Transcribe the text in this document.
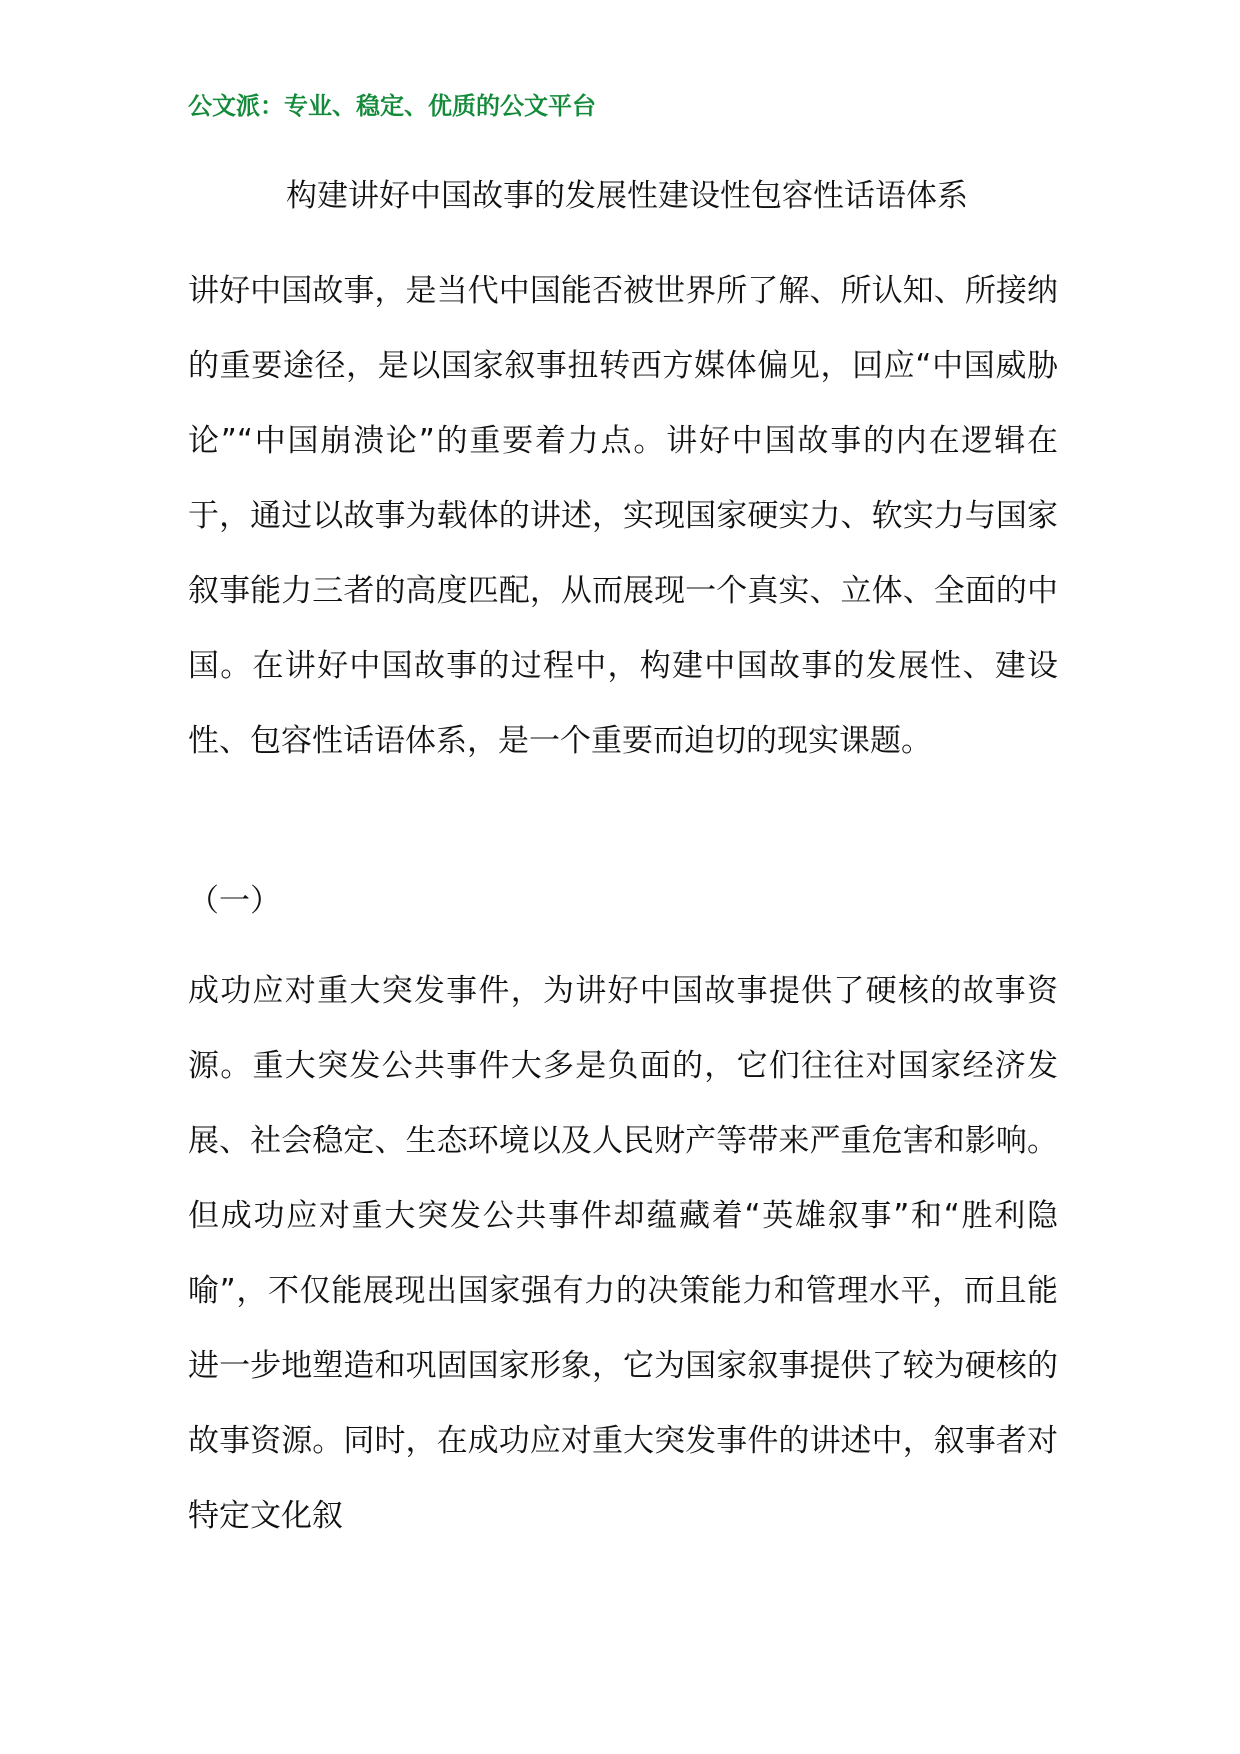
公文派：专业、稳定、优质的公文平台
构建讲好中国故事的发展性建设性包容性话语体系

讲好中国故事，是当代中国能否被世界所了解、所认知、所接纳的重要途径，是以国家叙事扭转西方媒体偏见，回应“中国威胁论”“中国崩溃论”的重要着力点。讲好中国故事的内在逻辑在于，通过以故事为载体的讲述，实现国家硬实力、软实力与国家叙事能力三者的高度匹配，从而展现一个真实、立体、全面的中国。在讲好中国故事的过程中，构建中国故事的发展性、建设性、包容性话语体系，是一个重要而迫切的现实课题。

（一）

成功应对重大突发事件，为讲好中国故事提供了硬核的故事资源。重大突发公共事件大多是负面的，它们往往对国家经济发展、社会稳定、生态环境以及人民财产等带来严重危害和影响。但成功应对重大突发公共事件却蕴藏着“英雄叙事”和“胜利隐喻”，不仅能展现出国家强有力的决策能力和管理水平，而且能进一步地塑造和巩固国家形象，它为国家叙事提供了较为硬核的故事资源。同时，在成功应对重大突发事件的讲述中，叙事者对特定文化叙
